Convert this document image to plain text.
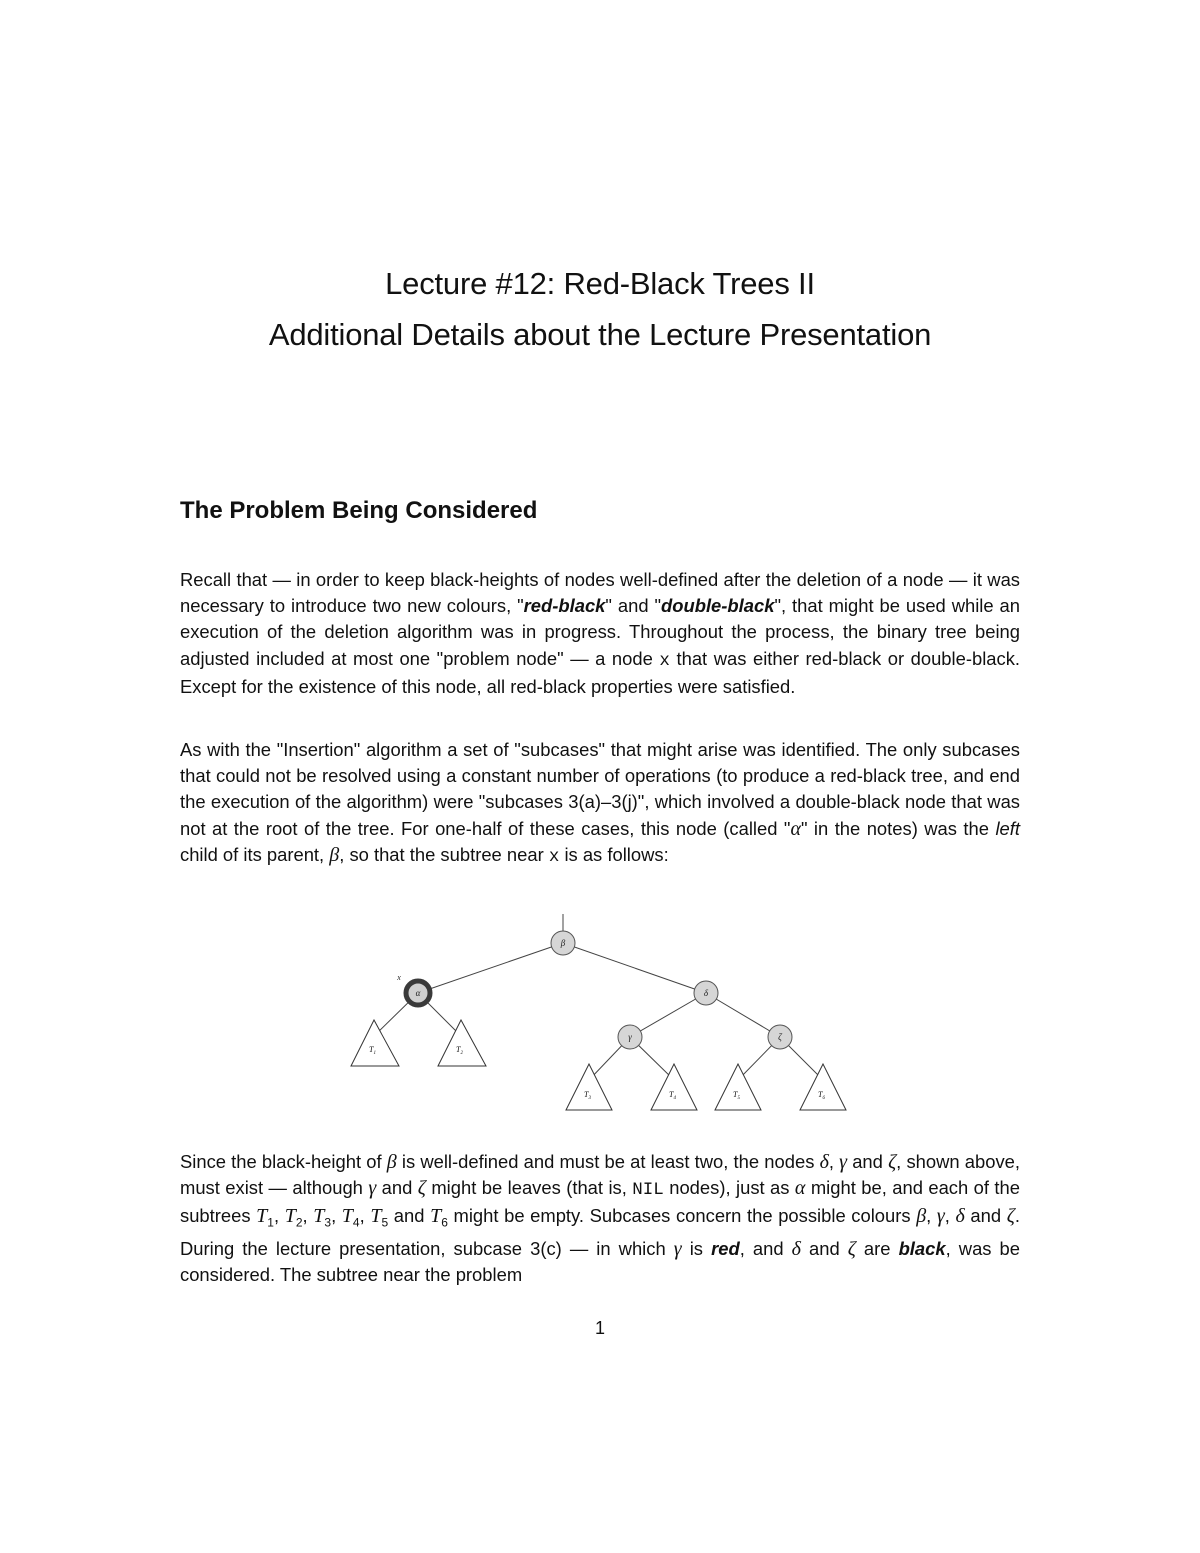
Lecture #12: Red-Black Trees II
Additional Details about the Lecture Presentation
The Problem Being Considered

Recall that — in order to keep black-heights of nodes well-defined after the deletion of a node — it was necessary to introduce two new colours, "red-black" and "double-black", that might be used while an execution of the deletion algorithm was in progress. Throughout the process, the binary tree being adjusted included at most one "problem node" — a node x that was either red-black or double-black. Except for the existence of this node, all red-black properties were satisfied.

As with the "Insertion" algorithm a set of "subcases" that might arise was identified. The only subcases that could not be resolved using a constant number of operations (to produce a red-black tree, and end the execution of the algorithm) were "subcases 3(a)–3(j)", which involved a double-black node that was not at the root of the tree. For one-half of these cases, this node (called "α" in the notes) was the left child of its parent, β, so that the subtree near x is as follows:

$T_1$	$T_2$
$T_3$	$T_4$	$T_5$	$T_6$
β
δ
γ	ζ
α
x

Since the black-height of β is well-defined and must be at least two, the nodes δ, γ and ζ, shown above, must exist — although γ and ζ might be leaves (that is, NIL nodes), just as α might be, and each of the subtrees $T_1$, $T_2$, $T_3$, $T_4$, $T_5$ and $T_6$ might be empty. Subcases concern the possible colours β, γ, δ and ζ. During the lecture presentation, subcase 3(c) — in which γ is red, and δ and ζ are black, was be considered. The subtree near the problem

1
